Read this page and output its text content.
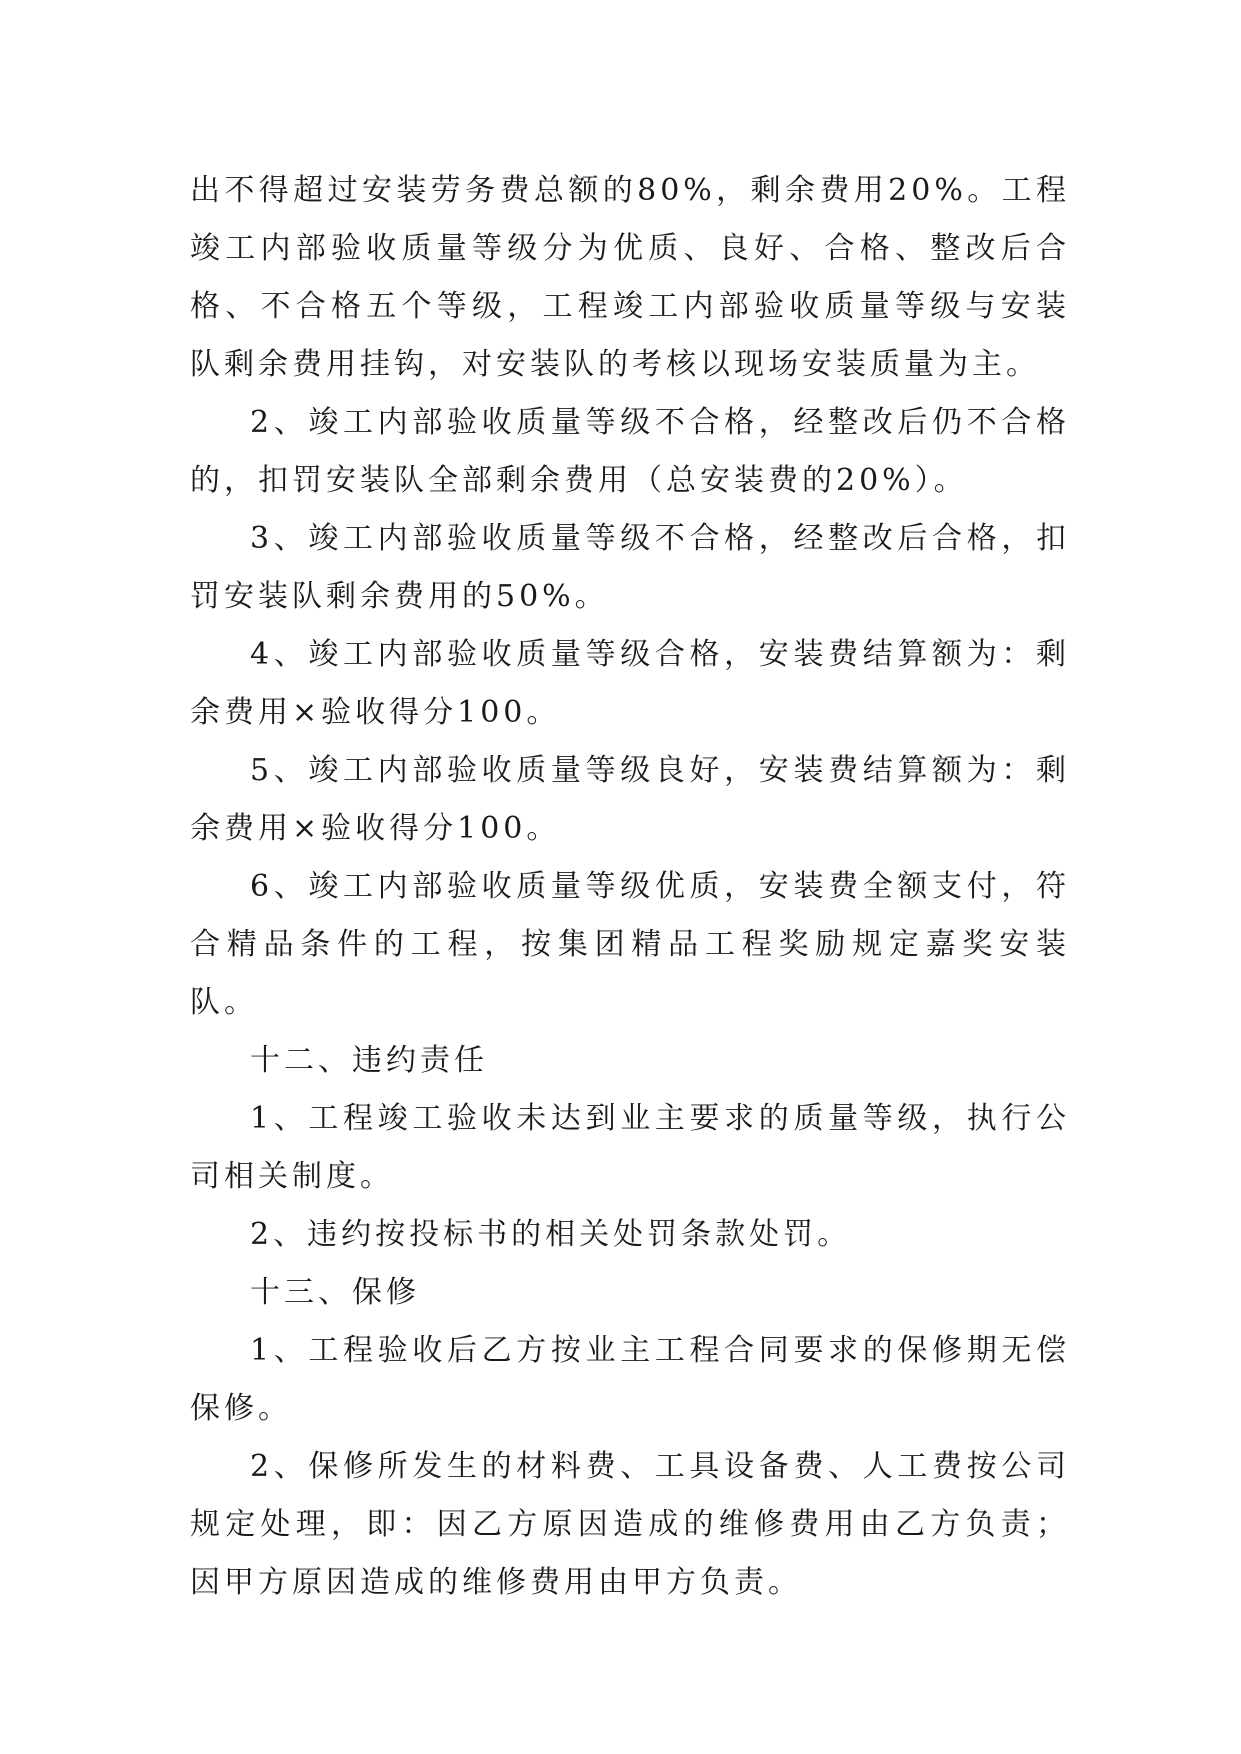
出不得超过安装劳务费总额的80%，剩余费用20%。工程竣工内部验收质量等级分为优质、良好、合格、整改后合格、不合格五个等级，工程竣工内部验收质量等级与安装队剩余费用挂钩，对安装队的考核以现场安装质量为主。

2、竣工内部验收质量等级不合格，经整改后仍不合格的，扣罚安装队全部剩余费用（总安装费的20%）。

3、竣工内部验收质量等级不合格，经整改后合格，扣罚安装队剩余费用的50%。

4、竣工内部验收质量等级合格，安装费结算额为：剩余费用×验收得分100。

5、竣工内部验收质量等级良好，安装费结算额为：剩余费用×验收得分100。

6、竣工内部验收质量等级优质，安装费全额支付，符合精品条件的工程，按集团精品工程奖励规定嘉奖安装队。

十二、违约责任

1、工程竣工验收未达到业主要求的质量等级，执行公司相关制度。

2、违约按投标书的相关处罚条款处罚。

十三、保修

1、工程验收后乙方按业主工程合同要求的保修期无偿保修。

2、保修所发生的材料费、工具设备费、人工费按公司规定处理，即：因乙方原因造成的维修费用由乙方负责；因甲方原因造成的维修费用由甲方负责。
